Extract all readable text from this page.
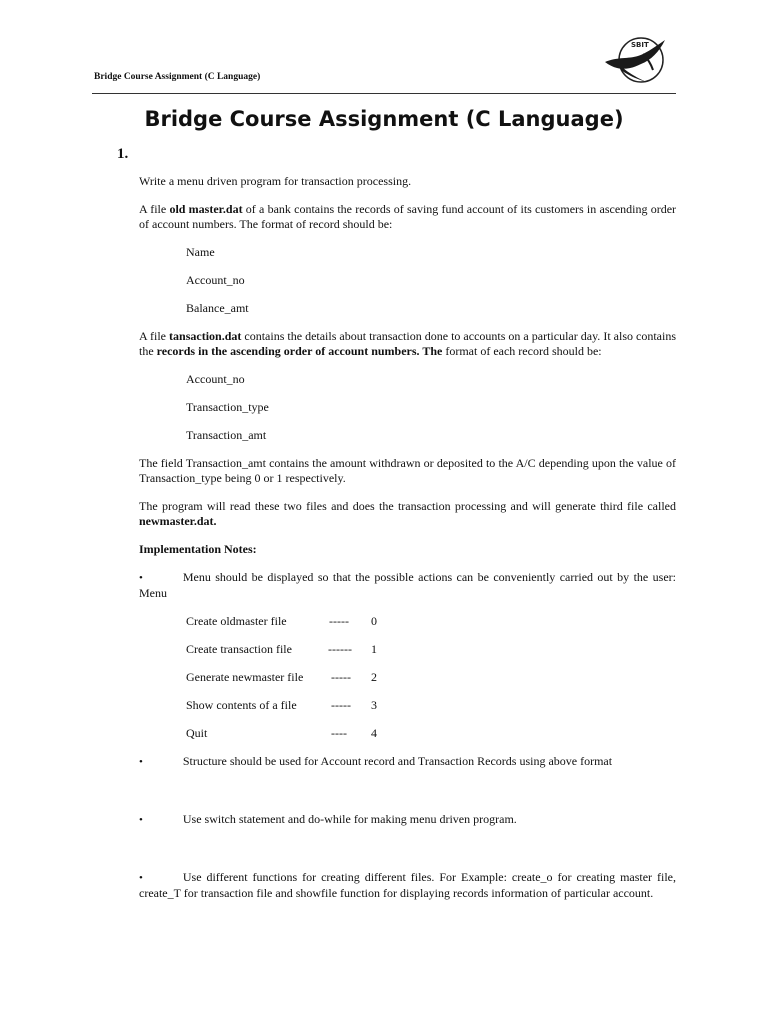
Bridge Course Assignment (C Language)
SBIT
Bridge Course Assignment (C Language)
1.

Write a menu driven program for transaction processing.

A file old master.dat of a bank contains the records of saving fund account of its customers in ascending order of account numbers. The format of record should be:

Name
Account_no
Balance_amt

A file tansaction.dat contains the details about transaction done to accounts on a particular day. It also contains the records in the ascending order of account numbers. The format of each record should be:

Account_no
Transaction_type
Transaction_amt

The field Transaction_amt contains the amount withdrawn or deposited to the A/C depending upon the value of Transaction_type being 0 or 1 respectively.

The program will read these two files and does the transaction processing and will generate third file called newmaster.dat.

Implementation Notes:

•	Menu should be displayed so that the possible actions can be conveniently carried out by the user: Menu

Create oldmaster file	----- 0
Create transaction file	------ 1
Generate newmaster file ----- 2
Show contents of a file	----- 3
Quit	---- 4

•	Structure should be used for Account record and Transaction Records using above format

•	Use switch statement and do-while for making menu driven program.

•	Use different functions for creating different files. For Example: create_o for creating master file, create_T for transaction file and showfile function for displaying records information of particular account.
